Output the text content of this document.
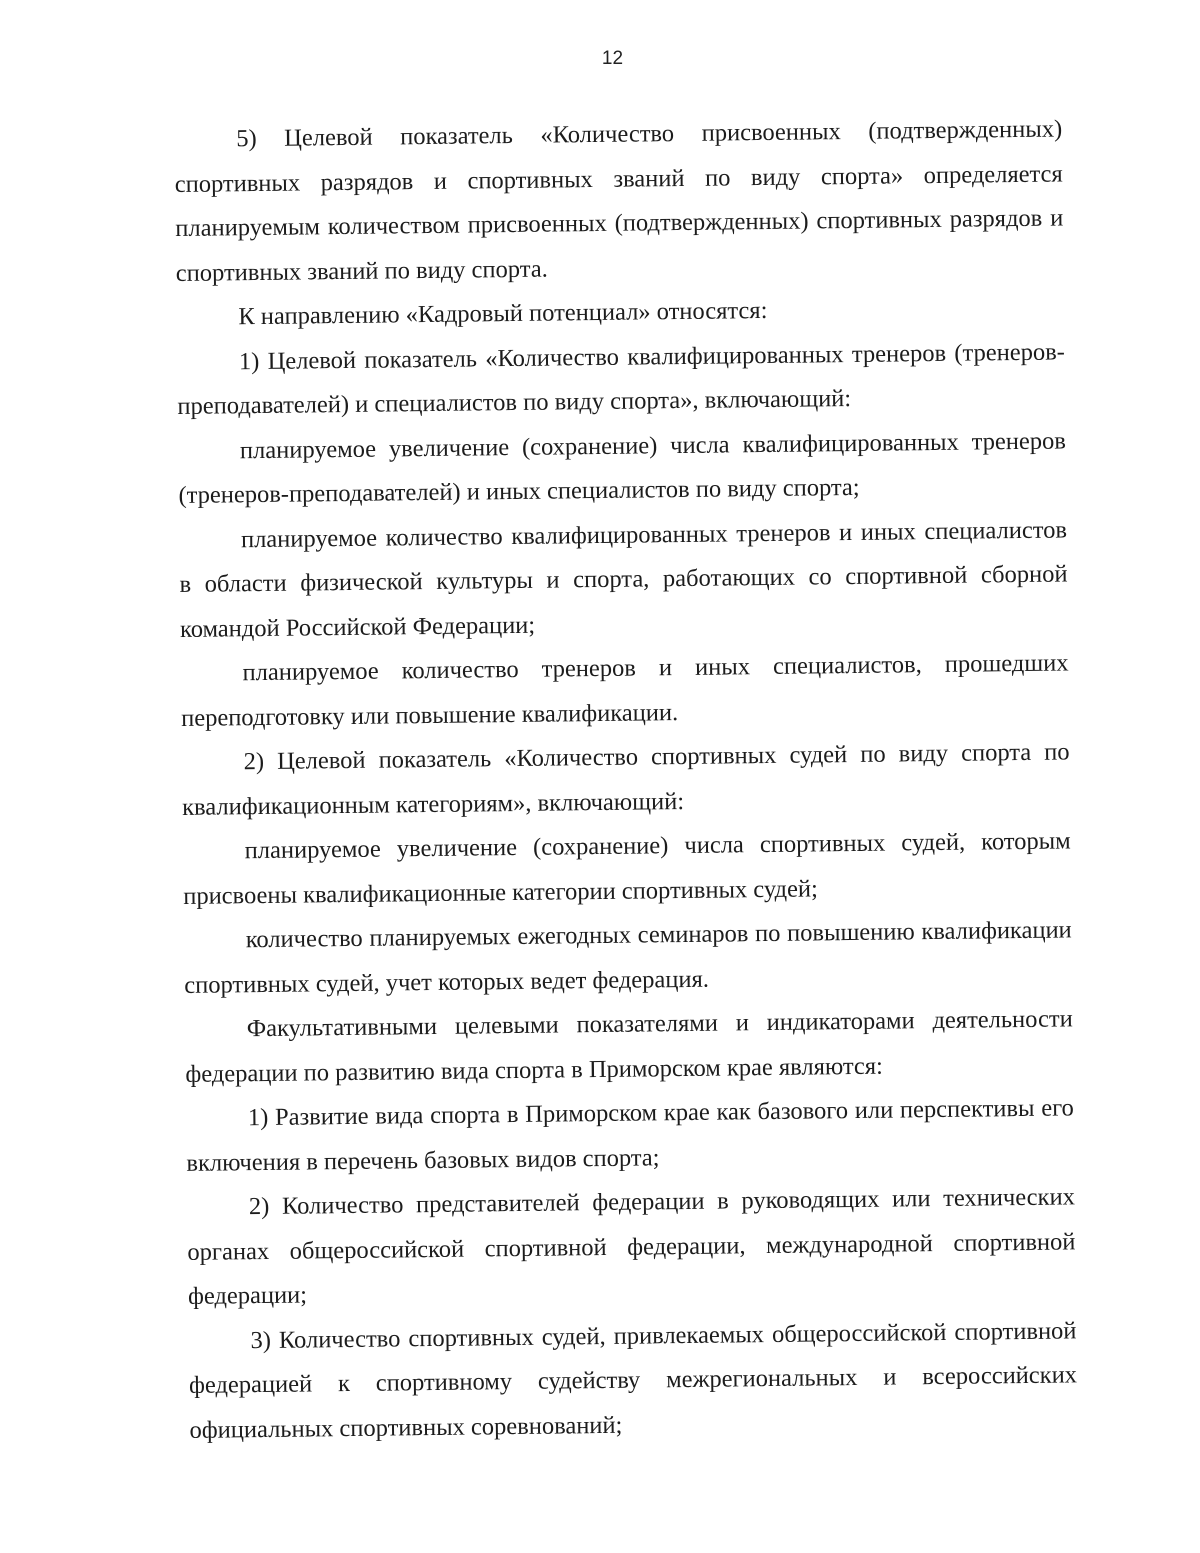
12

5) Целевой показатель «Количество присвоенных (подтвержденных) спортивных разрядов и спортивных званий по виду спорта» определяется планируемым количеством присвоенных (подтвержденных) спортивных разрядов и спортивных званий по виду спорта.

К направлению «Кадровый потенциал» относятся:

1) Целевой показатель «Количество квалифицированных тренеров (тренеров-преподавателей) и специалистов по виду спорта», включающий:

планируемое увеличение (сохранение) числа квалифицированных тренеров (тренеров-преподавателей) и иных специалистов по виду спорта;

планируемое количество квалифицированных тренеров и иных специалистов в области физической культуры и спорта, работающих со спортивной сборной командой Российской Федерации;

планируемое количество тренеров и иных специалистов, прошедших переподготовку или повышение квалификации.

2) Целевой показатель «Количество спортивных судей по виду спорта по квалификационным категориям», включающий:

планируемое увеличение (сохранение) числа спортивных судей, которым присвоены квалификационные категории спортивных судей;

количество планируемых ежегодных семинаров по повышению квалификации спортивных судей, учет которых ведет федерация.

Факультативными целевыми показателями и индикаторами деятельности федерации по развитию вида спорта в Приморском крае являются:

1) Развитие вида спорта в Приморском крае как базового или перспективы его включения в перечень базовых видов спорта;

2) Количество представителей федерации в руководящих или технических органах общероссийской спортивной федерации, международной спортивной федерации;

3) Количество спортивных судей, привлекаемых общероссийской спортивной федерацией к спортивному судейству межрегиональных и всероссийских официальных спортивных соревнований;
